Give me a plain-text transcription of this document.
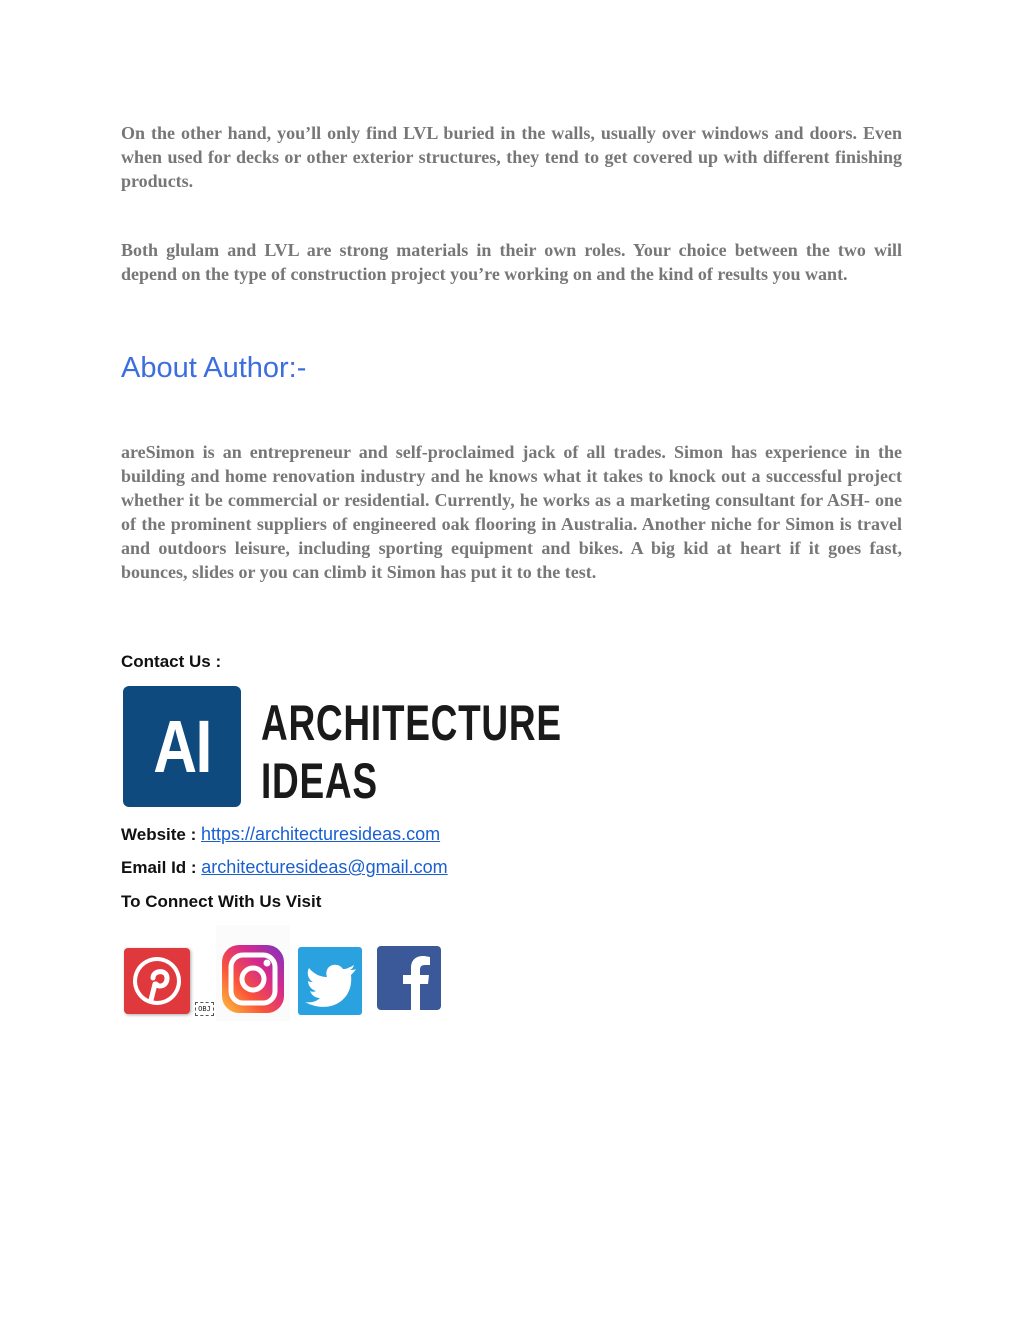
On the other hand, you’ll only find LVL buried in the walls, usually over windows and doors. Even when used for decks or other exterior structures, they tend to get covered up with different finishing products.

Both glulam and LVL are strong materials in their own roles. Your choice between the two will depend on the type of construction project you’re working on and the kind of results you want.

About Author:-

areSimon is an entrepreneur and self-proclaimed jack of all trades. Simon has experience in the building and home renovation industry and he knows what it takes to knock out a successful project whether it be commercial or residential. Currently, he works as a marketing consultant for ASH- one of the prominent suppliers of engineered oak flooring in Australia. Another niche for Simon is travel and outdoors leisure, including sporting equipment and bikes. A big kid at heart if it goes fast, bounces, slides or you can climb it Simon has put it to the test.

Contact Us :

AI ARCHITECTURE
IDEAS

Website : https://architecturesideas.com

Email Id : architecturesideas@gmail.com

To Connect With Us Visit

OBJ
